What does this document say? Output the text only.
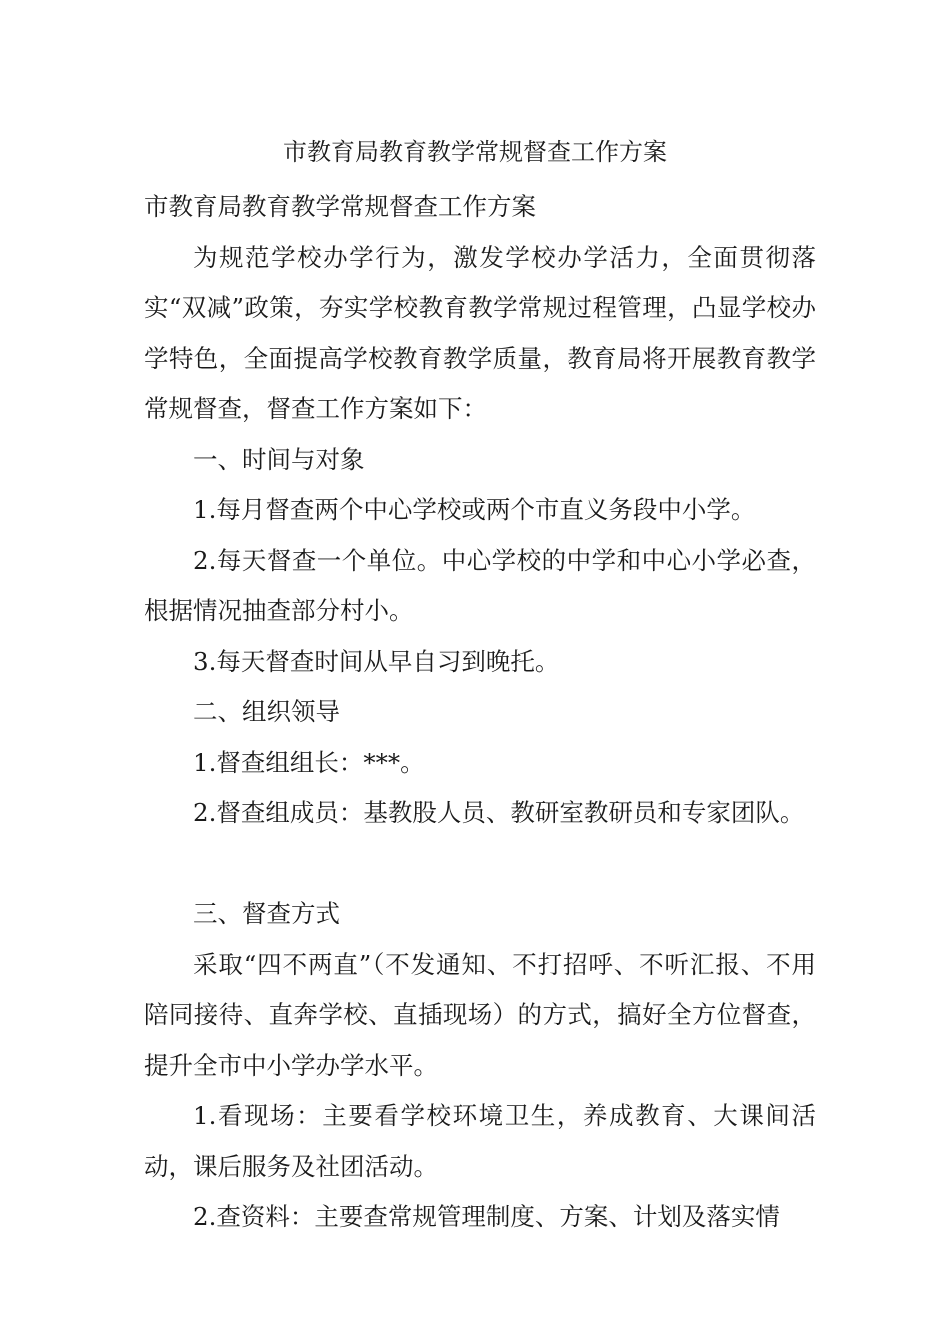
市教育局教育教学常规督查工作方案

市教育局教育教学常规督查工作方案

为规范学校办学行为，激发学校办学活力，全面贯彻落实“双减”政策，夯实学校教育教学常规过程管理，凸显学校办学特色，全面提高学校教育教学质量，教育局将开展教育教学常规督查，督查工作方案如下：

一、时间与对象

1.每月督查两个中心学校或两个市直义务段中小学。

2.每天督查一个单位。中心学校的中学和中心小学必查，根据情况抽查部分村小。

3.每天督查时间从早自习到晚托。

二、组织领导

1.督查组组长：***。

2.督查组成员：基教股人员、教研室教研员和专家团队。

三、督查方式

采取“四不两直”（不发通知、不打招呼、不听汇报、不用陪同接待、直奔学校、直插现场）的方式，搞好全方位督查，提升全市中小学办学水平。

1.看现场：主要看学校环境卫生，养成教育、大课间活动，课后服务及社团活动。

2.查资料：主要查常规管理制度、方案、计划及落实情
